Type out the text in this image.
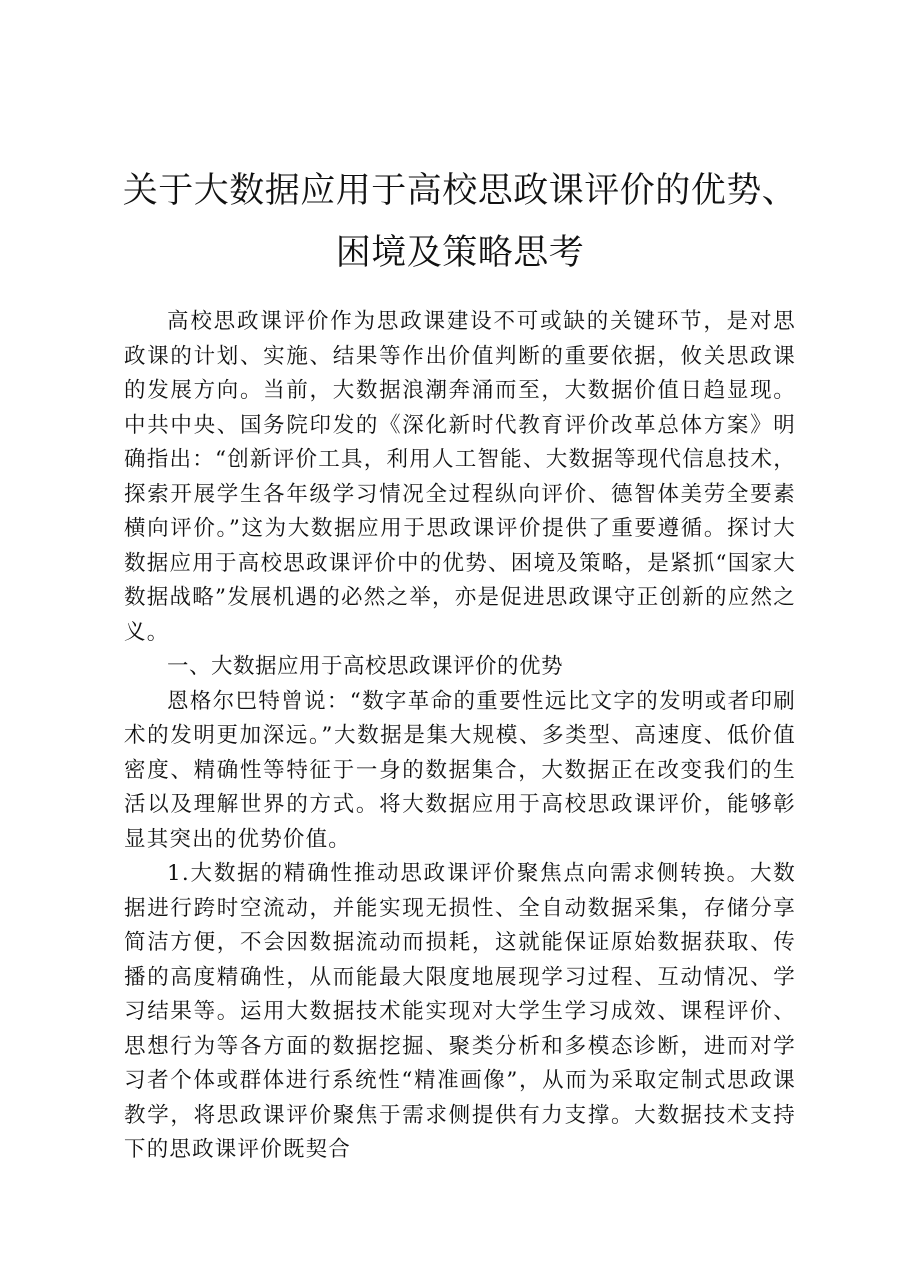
关于大数据应用于高校思政课评价的优势、困境及策略思考

高校思政课评价作为思政课建设不可或缺的关键环节，是对思政课的计划、实施、结果等作出价值判断的重要依据，攸关思政课的发展方向。当前，大数据浪潮奔涌而至，大数据价值日趋显现。中共中央、国务院印发的《深化新时代教育评价改革总体方案》明确指出：“创新评价工具，利用人工智能、大数据等现代信息技术，探索开展学生各年级学习情况全过程纵向评价、德智体美劳全要素横向评价。”这为大数据应用于思政课评价提供了重要遵循。探讨大数据应用于高校思政课评价中的优势、困境及策略，是紧抓“国家大数据战略”发展机遇的必然之举，亦是促进思政课守正创新的应然之义。

一、大数据应用于高校思政课评价的优势

恩格尔巴特曾说：“数字革命的重要性远比文字的发明或者印刷术的发明更加深远。”大数据是集大规模、多类型、高速度、低价值密度、精确性等特征于一身的数据集合，大数据正在改变我们的生活以及理解世界的方式。将大数据应用于高校思政课评价，能够彰显其突出的优势价值。

1.大数据的精确性推动思政课评价聚焦点向需求侧转换。大数据进行跨时空流动，并能实现无损性、全自动数据采集，存储分享简洁方便，不会因数据流动而损耗，这就能保证原始数据获取、传播的高度精确性，从而能最大限度地展现学习过程、互动情况、学习结果等。运用大数据技术能实现对大学生学习成效、课程评价、思想行为等各方面的数据挖掘、聚类分析和多模态诊断，进而对学习者个体或群体进行系统性“精准画像”，从而为采取定制式思政课教学，将思政课评价聚焦于需求侧提供有力支撑。大数据技术支持下的思政课评价既契合
